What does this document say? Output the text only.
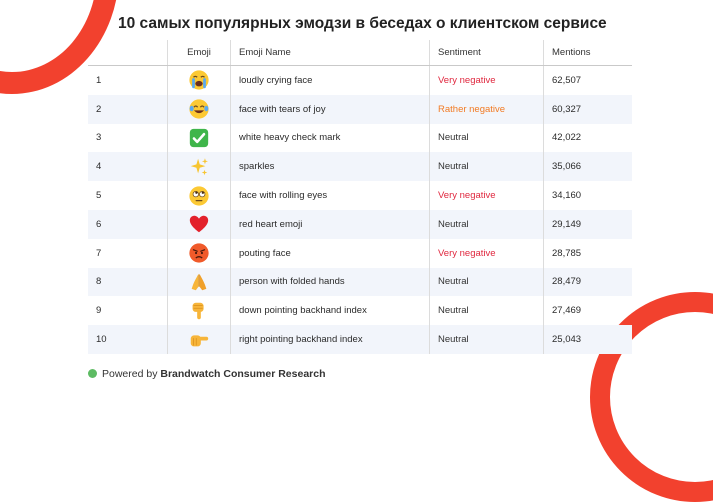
10 самых популярных эмодзи в беседах о клиентском сервисе
	Emoji	Emoji Name	Sentiment	Mentions
1		loudly crying face	Very negative	62,507
2		face with tears of joy	Rather negative	60,327
3		white heavy check mark	Neutral	42,022
4		sparkles	Neutral	35,066
5		face with rolling eyes	Very negative	34,160
6		red heart emoji	Neutral	29,149
7		pouting face	Very negative	28,785
8		person with folded hands	Neutral	28,479
9		down pointing backhand index	Neutral	27,469
10		right pointing backhand index	Neutral	25,043
Powered by Brandwatch Consumer Research
